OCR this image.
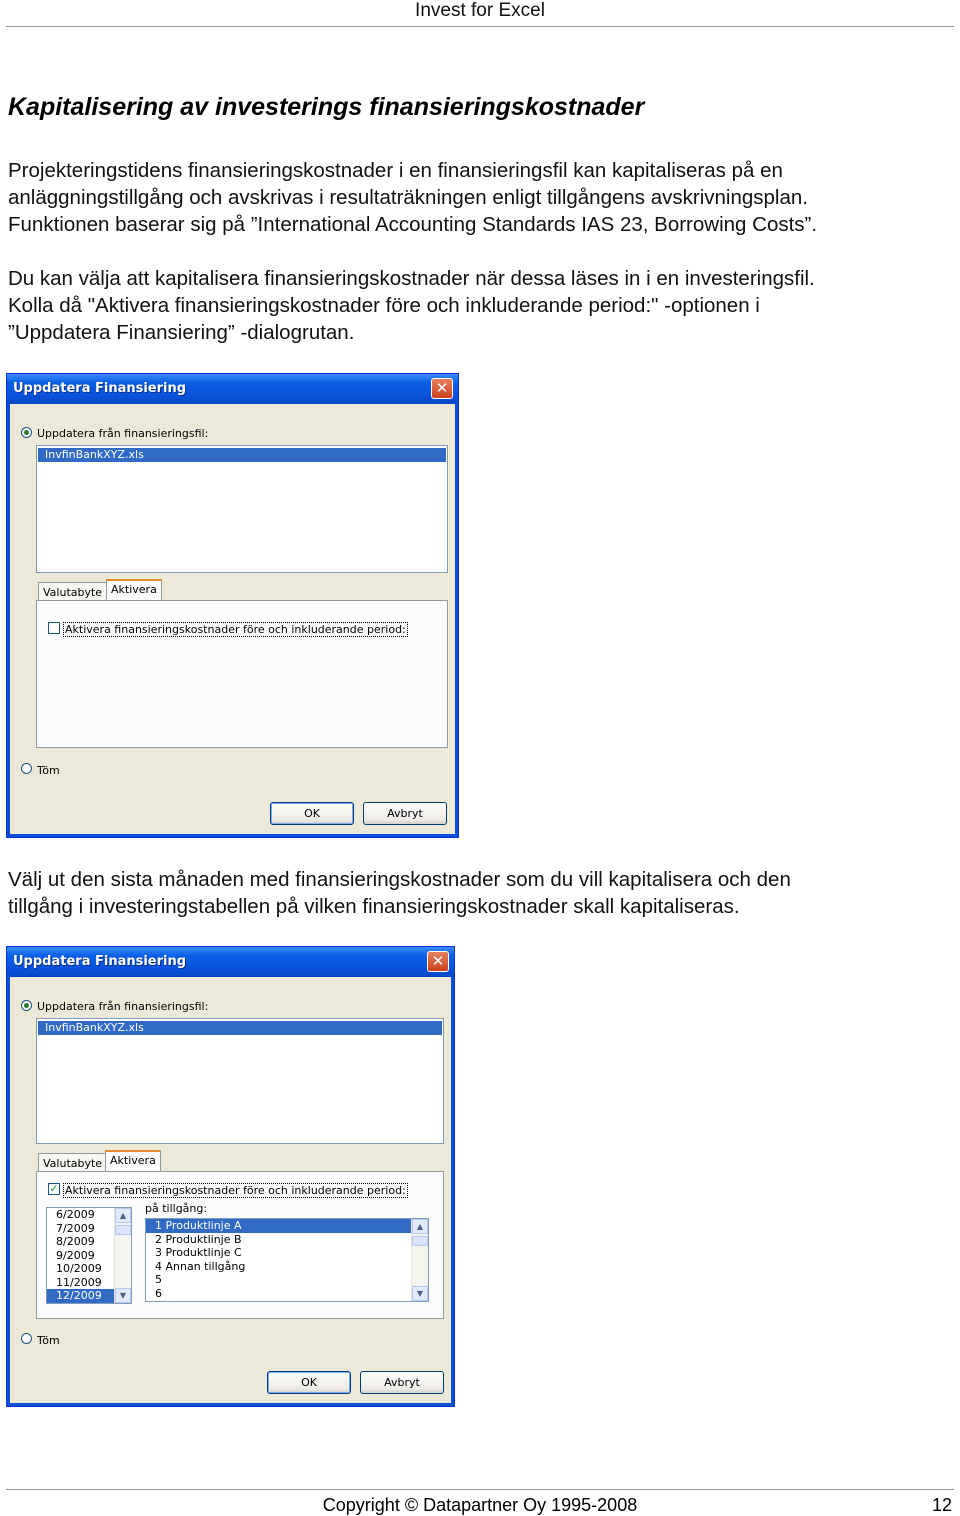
Invest for Excel
Kapitalisering av investerings finansieringskostnader
Projekteringstidens finansieringskostnader i en finansieringsfil kan kapitaliseras på en
anläggningstillgång och avskrivas i resultaträkningen enligt tillgångens avskrivningsplan.
Funktionen baserar sig på ”International Accounting Standards IAS 23, Borrowing Costs”.
Du kan välja att kapitalisera finansieringskostnader när dessa läses in i en investeringsfil.
Kolla då "Aktivera finansieringskostnader före och inkluderande period:" -optionen i
”Uppdatera Finansiering” -dialogrutan.
Uppdatera Finansiering	✕
Uppdatera från finansieringsfil:
InvfinBankXYZ.xls
Valutabyte Aktivera
Aktivera finansieringskostnader före och inkluderande period:
Töm
OK	Avbryt
Välj ut den sista månaden med finansieringskostnader som du vill kapitalisera och den
tillgång i investeringstabellen på vilken finansieringskostnader skall kapitaliseras.
Uppdatera Finansiering	✕
Uppdatera från finansieringsfil:
InvfinBankXYZ.xls
Valutabyte Aktivera
✓ Aktivera finansieringskostnader före och inkluderande period:
6/2009
7/2009
8/2009
9/2009
10/2009
11/2009
12/2009
▲
▼
på tillgång:
1 Produktlinje A
2 Produktlinje B
3 Produktlinje C
4 Annan tillgång
5
6
▲
▼
Töm
OK	Avbryt
Copyright © Datapartner Oy 1995-2008	12
